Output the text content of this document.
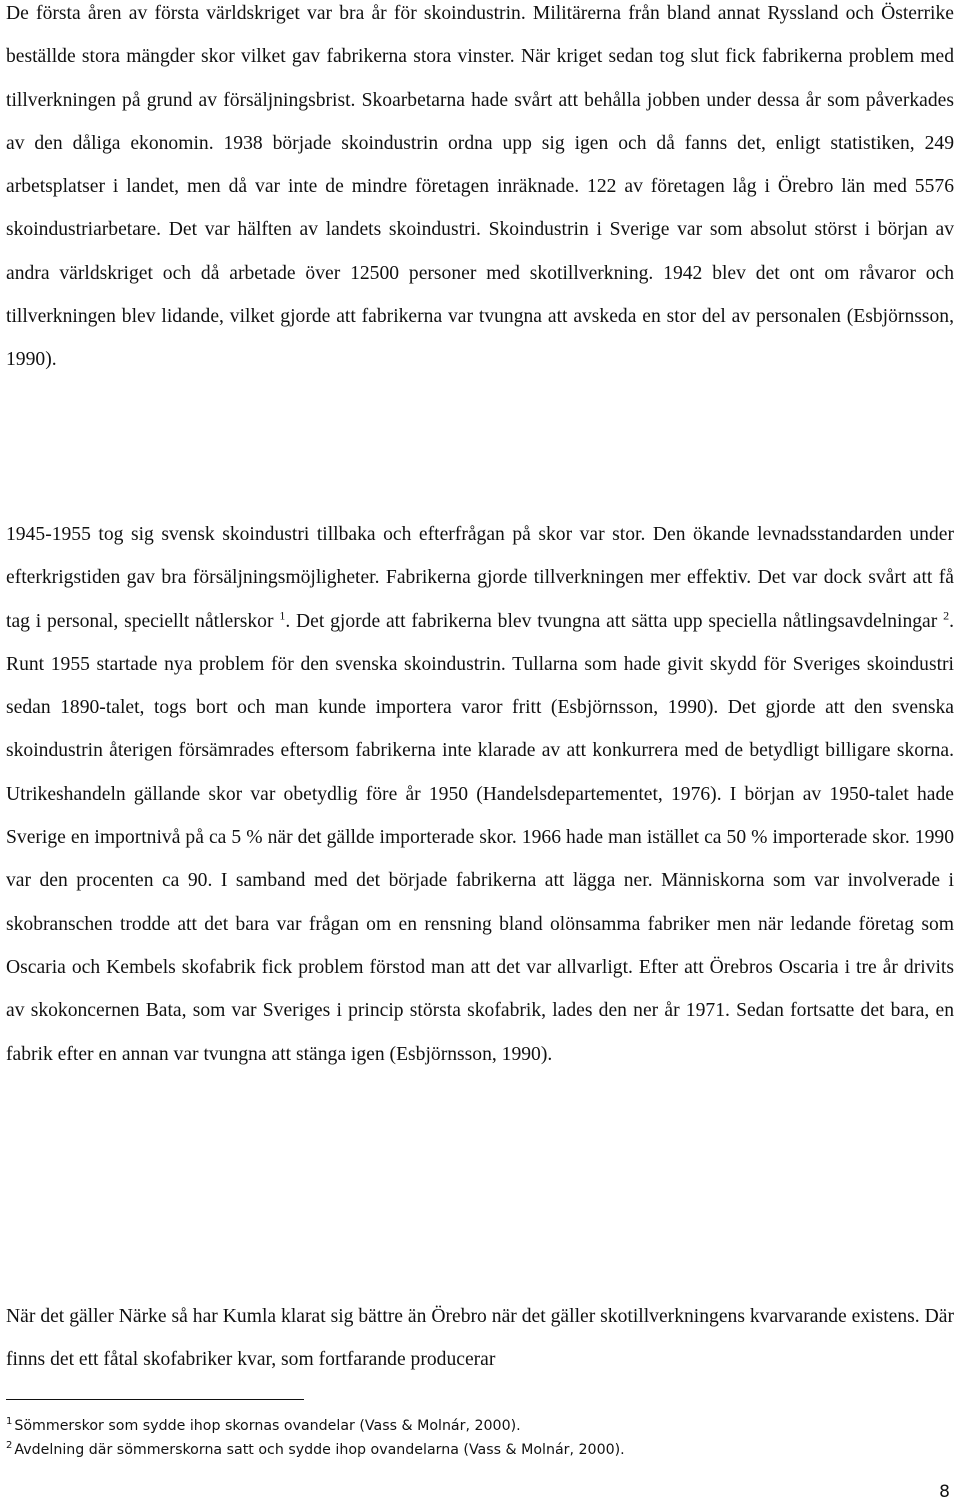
De första åren av första världskriget var bra år för skoindustrin. Militärerna från bland annat Ryssland och Österrike beställde stora mängder skor vilket gav fabrikerna stora vinster. När kriget sedan tog slut fick fabrikerna problem med tillverkningen på grund av försäljningsbrist. Skoarbetarna hade svårt att behålla jobben under dessa år som påverkades av den dåliga ekonomin. 1938 började skoindustrin ordna upp sig igen och då fanns det, enligt statistiken, 249 arbetsplatser i landet, men då var inte de mindre företagen inräknade. 122 av företagen låg i Örebro län med 5576 skoindustriarbetare. Det var hälften av landets skoindustri. Skoindustrin i Sverige var som absolut störst i början av andra världskriget och då arbetade över 12500 personer med skotillverkning. 1942 blev det ont om råvaror och tillverkningen blev lidande, vilket gjorde att fabrikerna var tvungna att avskeda en stor del av personalen (Esbjörnsson, 1990).

1945-1955 tog sig svensk skoindustri tillbaka och efterfrågan på skor var stor. Den ökande levnadsstandarden under efterkrigstiden gav bra försäljningsmöjligheter. Fabrikerna gjorde tillverkningen mer effektiv. Det var dock svårt att få tag i personal, speciellt nåtlerskor $^1$. Det gjorde att fabrikerna blev tvungna att sätta upp speciella nåtlingsavdelningar $^2$. Runt 1955 startade nya problem för den svenska skoindustrin. Tullarna som hade givit skydd för Sveriges skoindustri sedan 1890-talet, togs bort och man kunde importera varor fritt (Esbjörnsson, 1990). Det gjorde att den svenska skoindustrin återigen försämrades eftersom fabrikerna inte klarade av att konkurrera med de betydligt billigare skorna. Utrikeshandeln gällande skor var obetydlig före år 1950 (Handelsdepartementet, 1976). I början av 1950-talet hade Sverige en importnivå på ca 5 % när det gällde importerade skor. 1966 hade man istället ca 50 % importerade skor. 1990 var den procenten ca 90. I samband med det började fabrikerna att lägga ner. Människorna som var involverade i skobranschen trodde att det bara var frågan om en rensning bland olönsamma fabriker men när ledande företag som Oscaria och Kembels skofabrik fick problem förstod man att det var allvarligt. Efter att Örebros Oscaria i tre år drivits av skokoncernen Bata, som var Sveriges i princip största skofabrik, lades den ner år 1971. Sedan fortsatte det bara, en fabrik efter en annan var tvungna att stänga igen (Esbjörnsson, 1990).

När det gäller Närke så har Kumla klarat sig bättre än Örebro när det gäller skotillverkningens kvarvarande existens. Där finns det ett fåtal skofabriker kvar, som fortfarande producerar

$^1$ Sömmerskor som sydde ihop skornas ovandelar (Vass & Molnár, 2000).

$^2$ Avdelning där sömmerskorna satt och sydde ihop ovandelarna (Vass & Molnár, 2000).

8
